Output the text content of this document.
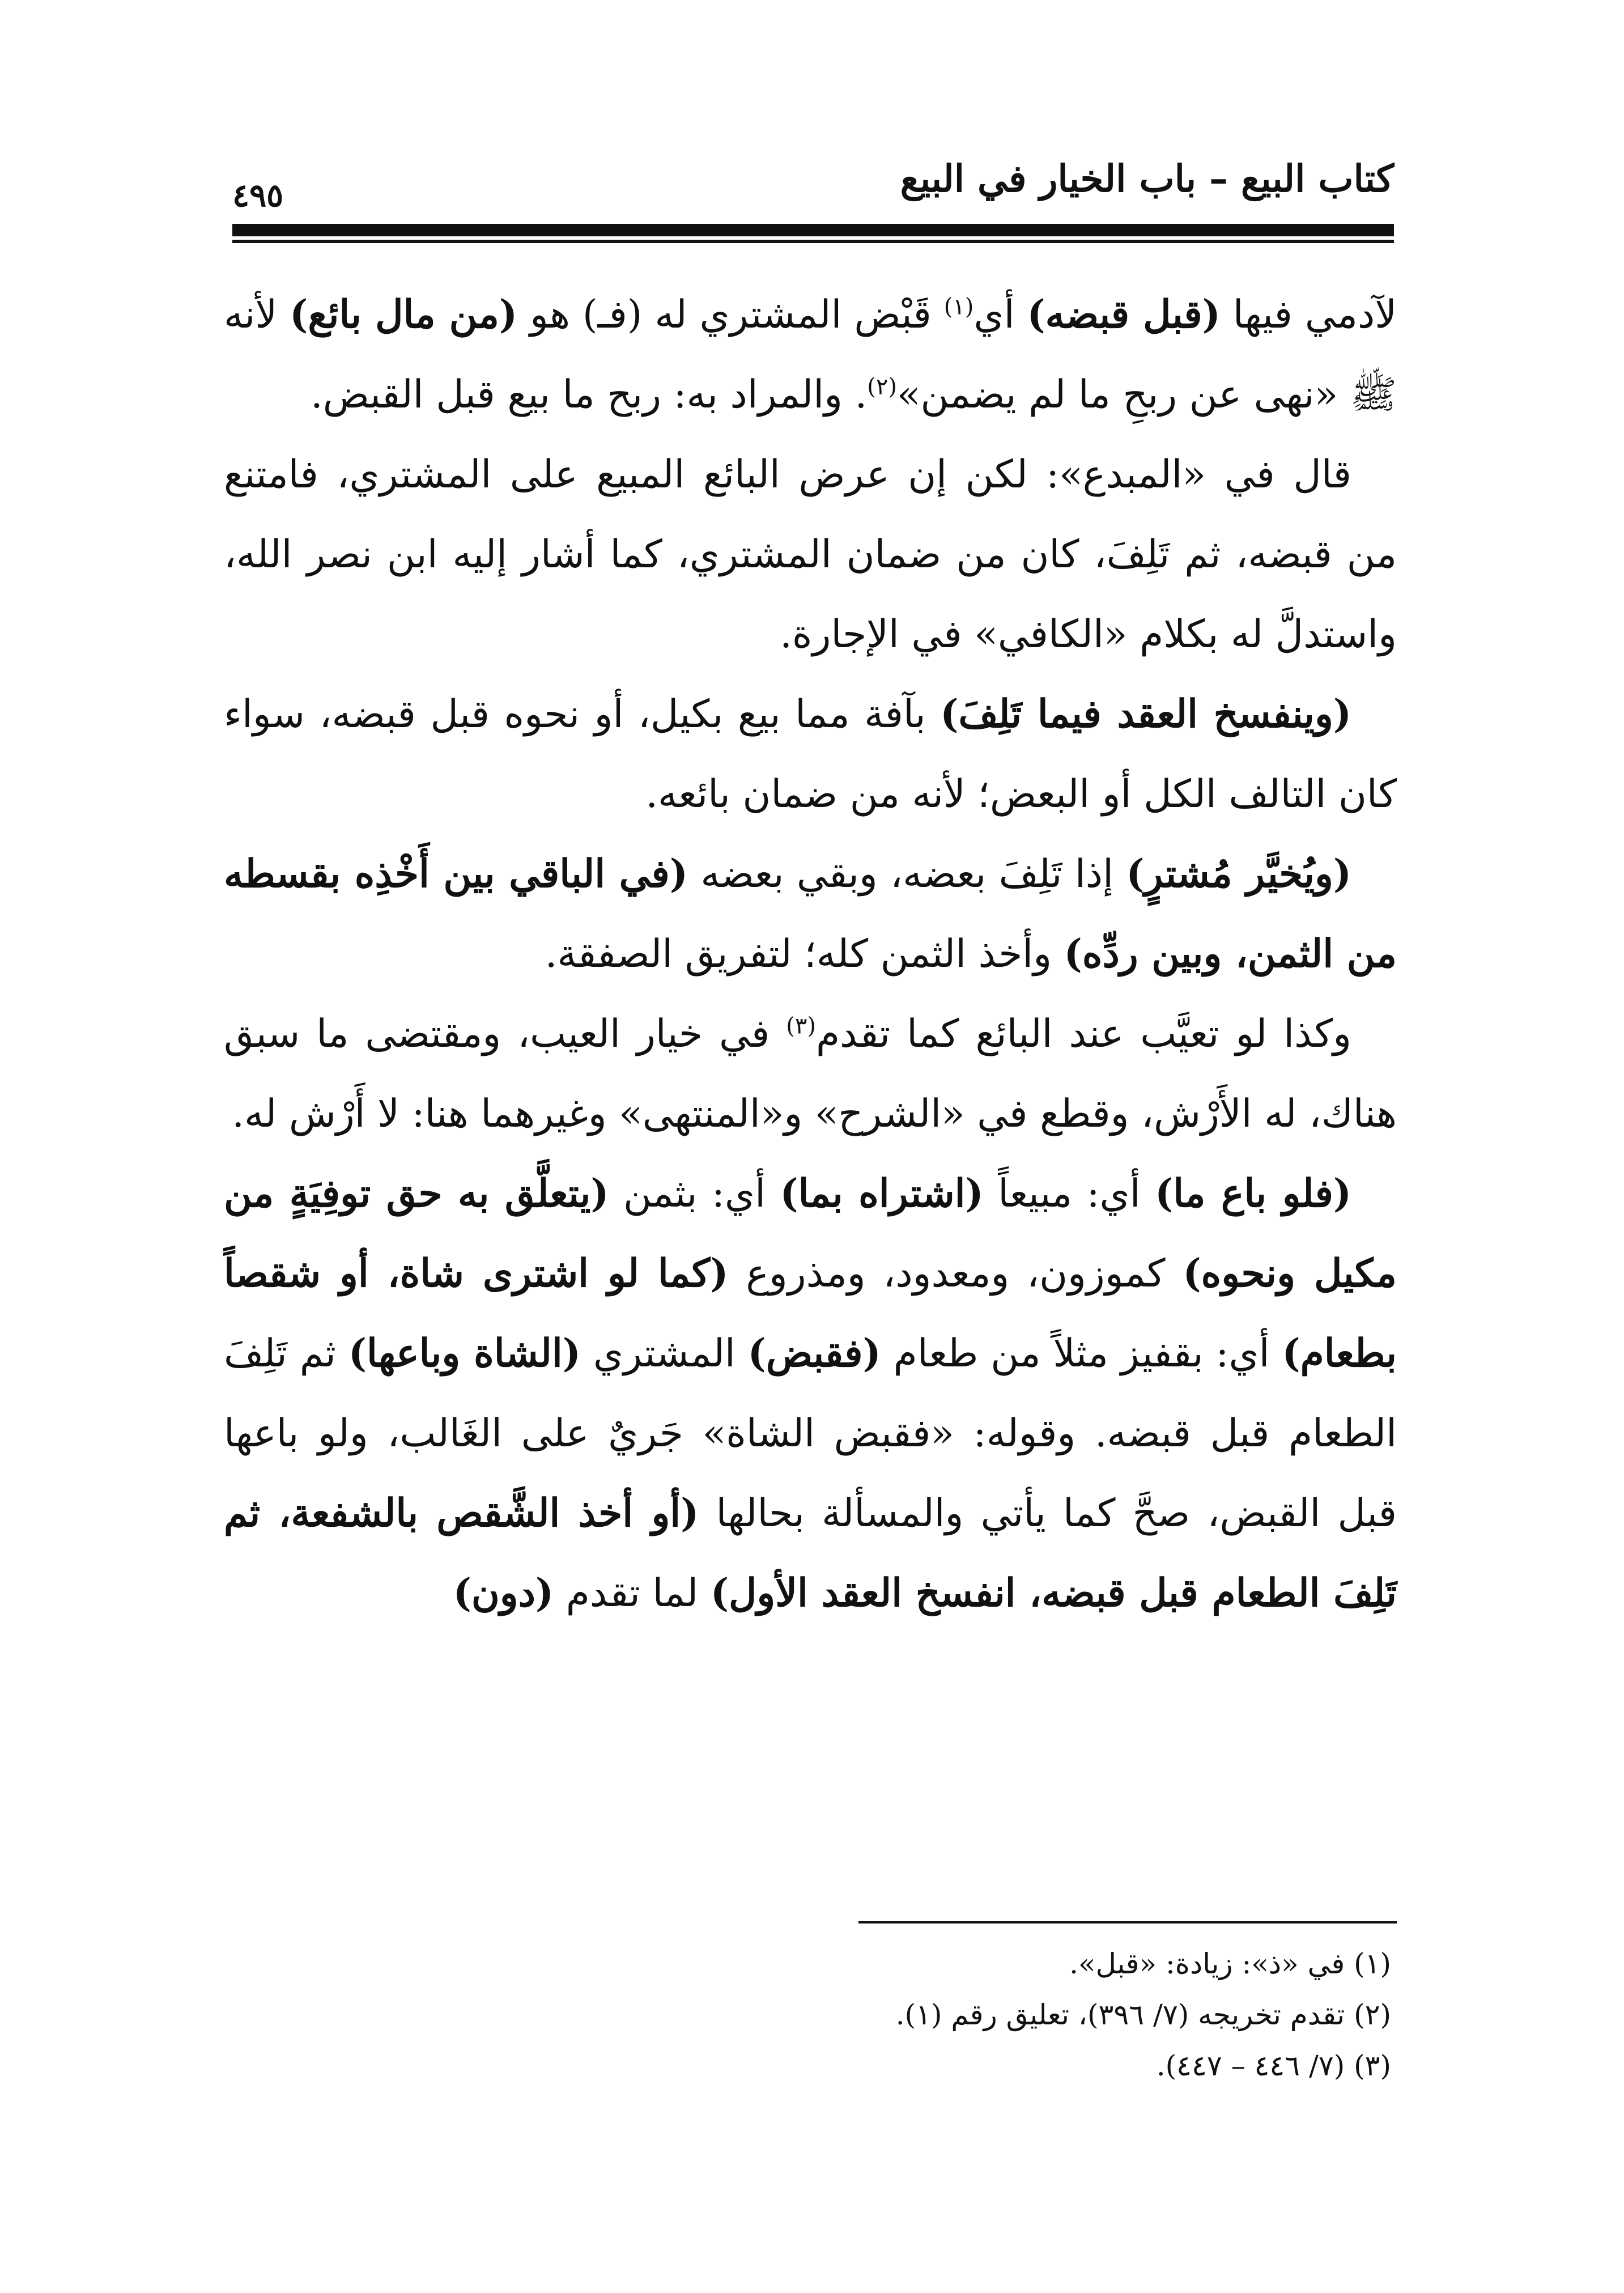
كتاب البيع – باب الخيار في البيع
٤٩٥

لآدمي فيها (قبل قبضه) أي$^{(١)}$ قَبْض المشتري له (فـ) هو (من مال بائع) لأنه ﷺ «نهى عن ربحِ ما لم يضمن»$^{(٢)}$. والمراد به: ربح ما بيع قبل القبض.

قال في «المبدع»: لكن إن عرض البائع المبيع على المشتري، فامتنع من قبضه، ثم تَلِفَ، كان من ضمان المشتري، كما أشار إليه ابن نصر الله، واستدلَّ له بكلام «الكافي» في الإجارة.

(وينفسخ العقد فيما تَلِفَ) بآفة مما بيع بكيل، أو نحوه قبل قبضه، سواء كان التالف الكل أو البعض؛ لأنه من ضمان بائعه.

(ويُخيَّر مُشترٍ) إذا تَلِفَ بعضه، وبقي بعضه (في الباقي بين أَخْذِه بقسطه من الثمن، وبين ردِّه) وأخذ الثمن كله؛ لتفريق الصفقة.

وكذا لو تعيَّب عند البائع كما تقدم$^{(٣)}$ في خيار العيب، ومقتضى ما سبق هناك، له الأَرْش، وقطع في «الشرح» و«المنتهى» وغيرهما هنا: لا أَرْش له.

(فلو باع ما) أي: مبيعاً (اشتراه بما) أي: بثمن (يتعلَّق به حق توفِيَةٍ من مكيل ونحوه) كموزون، ومعدود، ومذروع (كما لو اشترى شاة، أو شقصاً بطعام) أي: بقفيز مثلاً من طعام (فقبض) المشتري (الشاة وباعها) ثم تَلِفَ الطعام قبل قبضه. وقوله: «فقبض الشاة» جَريٌ على الغَالب، ولو باعها قبل القبض، صحَّ كما يأتي والمسألة بحالها (أو أخذ الشَّقص بالشفعة، ثم تَلِفَ الطعام قبل قبضه، انفسخ العقد الأول) لما تقدم (دون)

(١) في «ذ»: زيادة: «قبل».

(٢) تقدم تخريجه (٧/ ٣٩٦)، تعليق رقم (١).

(٣) (٧/ ٤٤٦ – ٤٤٧).
